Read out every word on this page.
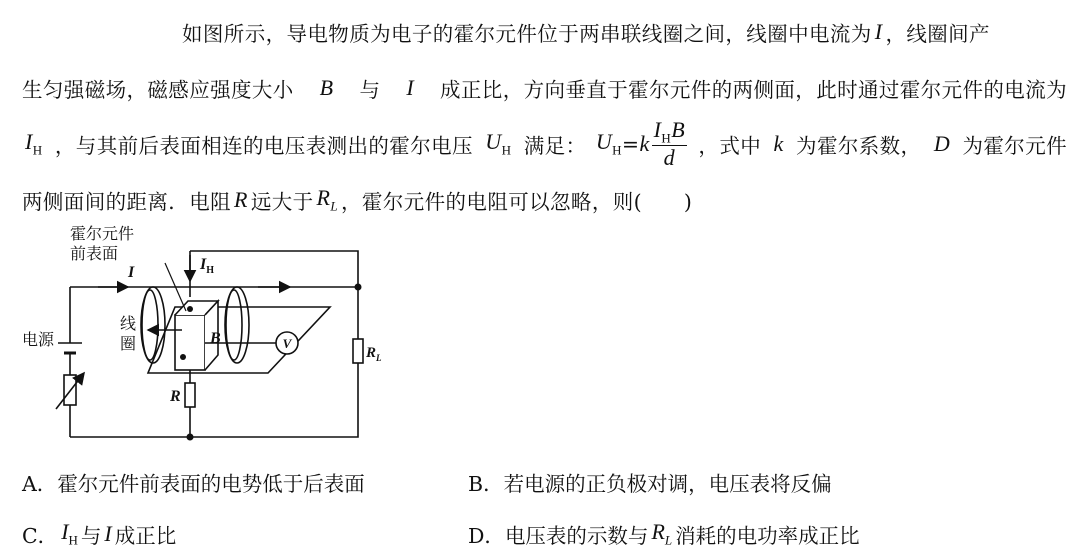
如图所示，导电物质为电子的霍尔元件位于两串联线圈之间，线圈中电流为 I ，线圈间产
生匀强磁场，磁感应强度大小 B 与 I 成正比，方向垂直于霍尔元件的两侧面，此时通过霍尔元件的电流为
$I_H$ ，与其前后表面相连的电压表测出的霍尔电压 $U_H$ 满足： $U_H = k \frac{I_HB}{d}$ ，式中 k 为霍尔系数， D 为霍尔元件
两侧面间的距离．电阻 R 远大于 $R_L$ ，霍尔元件的电阻可以忽略，则(　　)
V
霍尔元件
前表面
I	$I_H$
线
圈	B
电源
R
$R_L$
A． 霍尔元件前表面的电势低于后表面	B． 若电源的正负极对调，电压表将反偏
C． $I_H$ 与 I 成正比	D． 电压表的示数与 $R_L$ 消耗的电功率成正比
